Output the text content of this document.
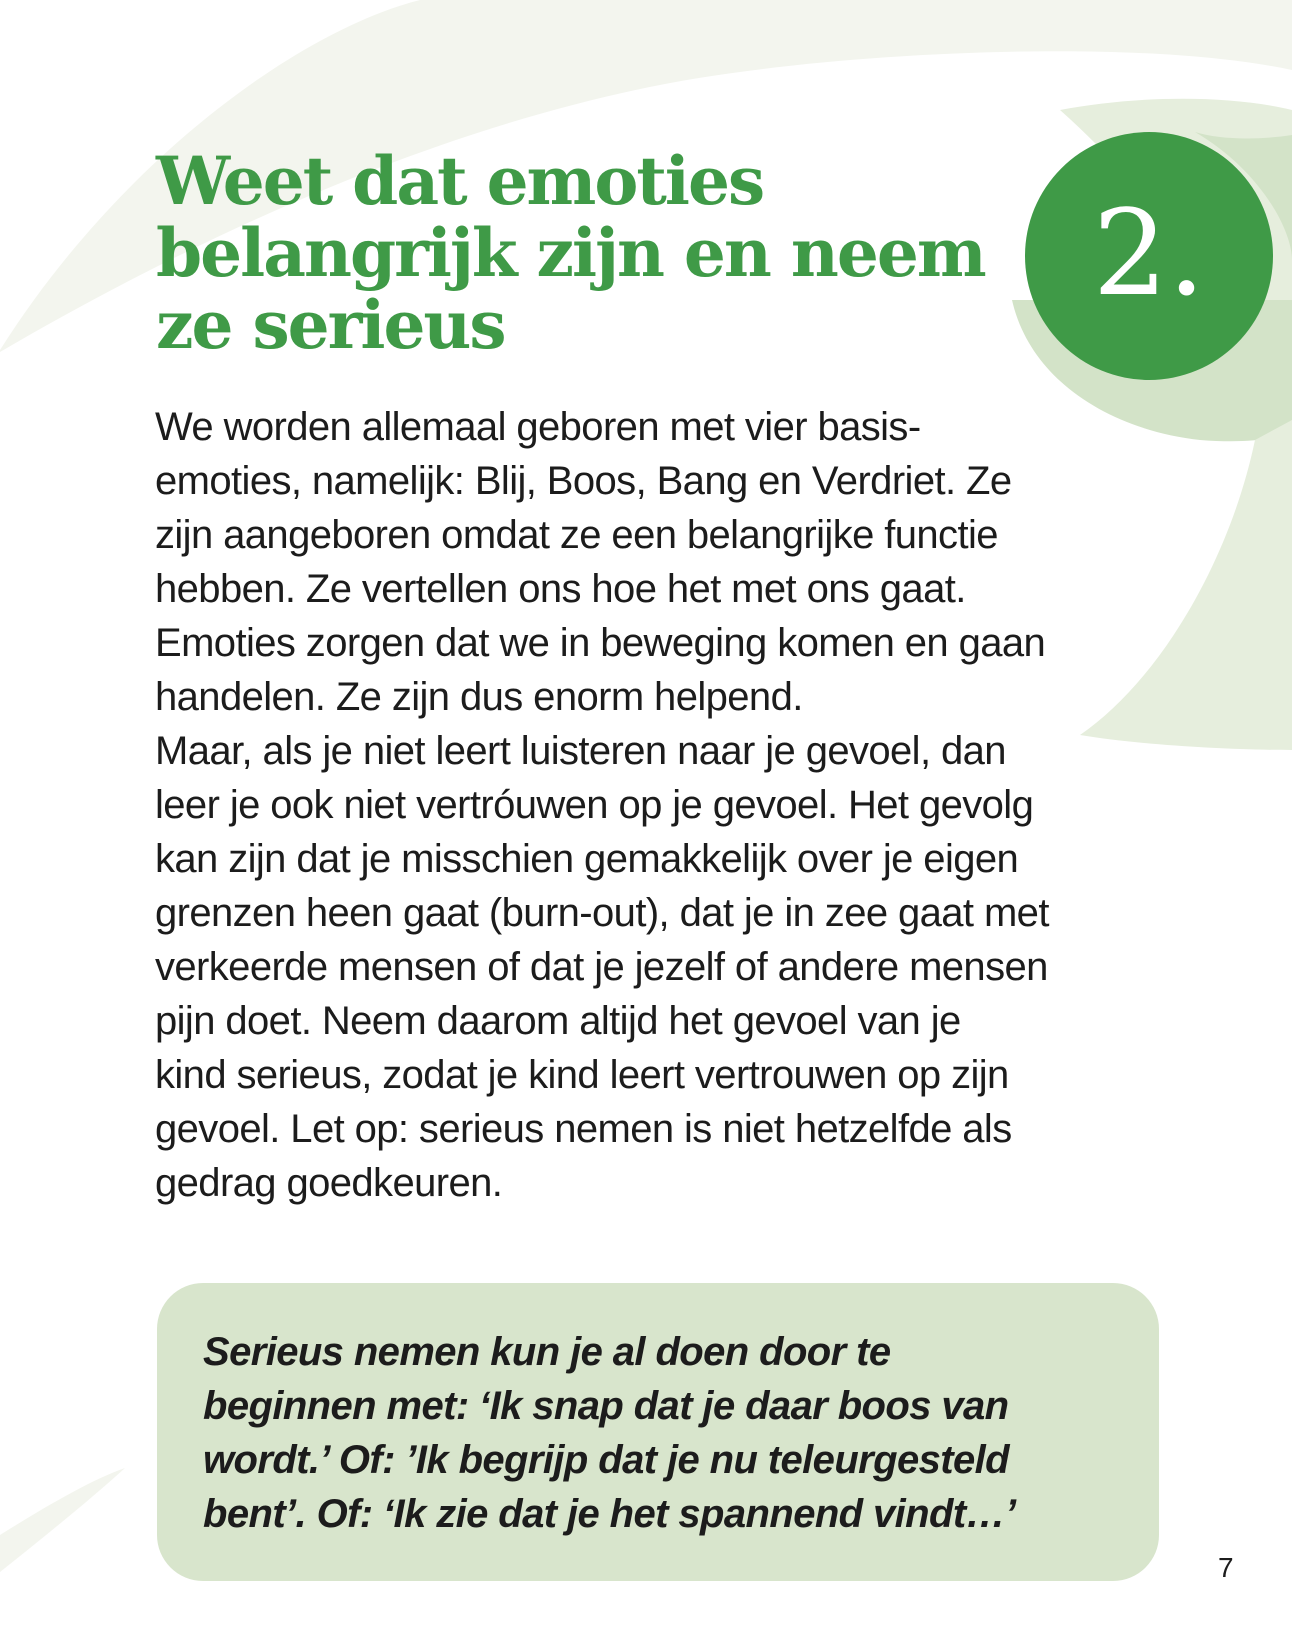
Weet dat emoties
belangrijk zijn en neem
ze serieus
2.
We worden allemaal geboren met vier basis-
emoties, namelijk: Blij, Boos, Bang en Verdriet. Ze
zijn aangeboren omdat ze een belangrijke functie
hebben. Ze vertellen ons hoe het met ons gaat.
Emoties zorgen dat we in beweging komen en gaan
handelen. Ze zijn dus enorm helpend.
Maar, als je niet leert luisteren naar je gevoel, dan
leer je ook niet vertróuwen op je gevoel. Het gevolg
kan zijn dat je misschien gemakkelijk over je eigen
grenzen heen gaat (burn-out), dat je in zee gaat met
verkeerde mensen of dat je jezelf of andere mensen
pijn doet. Neem daarom altijd het gevoel van je
kind serieus, zodat je kind leert vertrouwen op zijn
gevoel. Let op: serieus nemen is niet hetzelfde als
gedrag goedkeuren.
Serieus nemen kun je al doen door te
beginnen met: ‘Ik snap dat je daar boos van
wordt.’ Of: ’Ik begrijp dat je nu teleurgesteld
bent’. Of: ‘Ik zie dat je het spannend vindt…’
7
